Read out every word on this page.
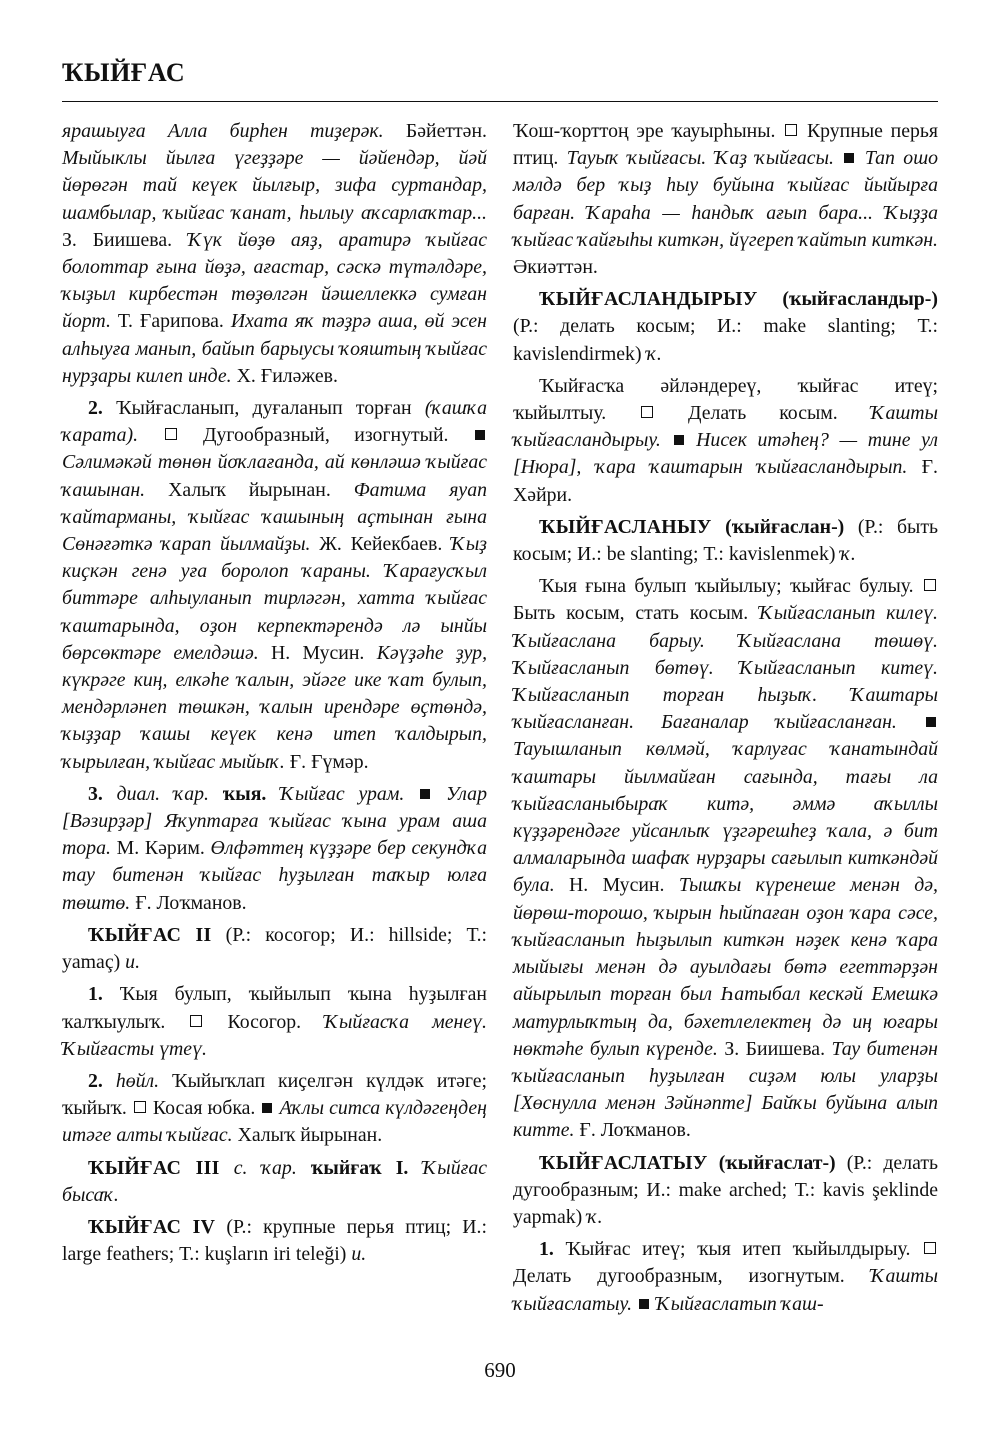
ҠЫЙҒАС

ярашыуға Алла бирһен тиҙерәк. Бәйеттән. Мыйыклы йылға үгеҙҙәре — йәйендәр, йәй йөрөгән тай кеүек йылғыр, зифа суртандар, шамбылар, ҡыйғас ҡанат, һылыу аҡсарлаҡтар... З. Биишева. Ҡүк йөҙө аяҙ, аратирә ҡыйғас болоттар ғына йөҙә, ағастар, сәскә түтәлдәре, ҡыҙыл кирбестән төҙөлгән йәшеллеккә сумған йорт. Т. Ғарипова. Ихата яҡ тәҙрә аша, өй эсен алһыуға манып, байып барыусы ҡояштың ҡыйғас нурҙары килеп инде. Х. Ғиләжев.

2. Ҡыйғасланып, дуғаланып торған (ҡашҡа ҡарата).	Дугообразный, изогнутый.  Сәлимәкәй төнөн йоҡлағанда, ай көнләшә ҡыйғас ҡашынан. Халыҡ йырынан. Фатима яуап ҡайтарманы, ҡыйғас ҡашының аҫтынан ғына Сөнәғәткә ҡарап йылмайҙы. Ж. Кейекбаев. Ҡыҙ киҫкән генә уға боролоп ҡараны. Ҡарағусҡыл биттәре алһыуланып тирләгән, хатта ҡыйғас ҡаштарында, оҙон керпектәрендә лә ынйы бөрсөктәре емелдәшә. Н. Мусин. Кәүҙәһе ҙур, күкрәге киң, елкәһе ҡалын, эйәге ике ҡат булып, мендәрләнеп төшкән, ҡалын ирендәре өҫтөндә, ҡыҙҙар ҡашы кеүек кенә итеп ҡалдырып, ҡырылған, ҡыйғас мыйыҡ. Ғ. Ғүмәр.

3. диал. ҡар. ҡыя. Ҡыйғас урам. Улар [Вәзирҙәр] Яҡуптарға ҡыйғас ҡына урам аша тора. М. Кәрим. Өлфәттең күҙҙәре бер секундҡа тау битенән ҡыйғас һуҙылған таҡыр юлға төштө. Ғ. Лоҡманов.

ҠЫЙҒАС II (Р.: косогор; И.: hillside; Т.: yamaç) и.

1. Ҡыя булып, ҡыйылып ҡына һуҙылған ҡалҡыулыҡ.	Косогор. Ҡыйғасҡа менеү. Ҡыйғасты үтеү.

2. һөйл. Ҡыйыҡлап киҫелгән күлдәк итәге; ҡыйыҡ. Косая юбка. Аҡлы ситса күлдәгеңдең итәге алты ҡыйғас. Халыҡ йырынан.

ҠЫЙҒАС III с. ҡар. ҡыйғаҡ I. Ҡыйғас бысаҡ.

ҠЫЙҒАС IV (Р.: крупные перья птиц; И.: large feathers; Т.: kuşların iri teleği) и.

Ҡош-ҡорттоң эре ҡауырһыны. Крупные перья птиц. Тауыҡ ҡыйғасы. Ҡаҙ ҡыйғасы. Тап ошо мәлдә бер ҡыҙ һыу буйына ҡыйғас йыйырға барған. Ҡараһа — һандыҡ ағып бара... Ҡыҙҙа ҡыйғас ҡайғыһы киткән, йүгереп ҡайтып киткән. Әкиәттән.

ҠЫЙҒАСЛАНДЫРЫУ (ҡыйғасландыр-) (Р.: делать косым; И.: make slanting; Т.: kavislendirmek) ҡ.

Ҡыйғасҡа әйләндереү, ҡыйғас итеү; ҡыйылтыу.	Делать косым. Ҡашты ҡыйғасландырыу. Нисек итәһең? — тине ул [Нюра], ҡара ҡаштарын ҡыйғасландырып. Ғ. Хәйри.

ҠЫЙҒАСЛАНЫУ (ҡыйғаслан-) (Р.: быть косым; И.: be slanting; Т.: kavislenmek) ҡ.

Ҡыя ғына булып ҡыйылыу; ҡыйғас булыу.  Быть косым, стать косым. Ҡыйғасланып килеү. Ҡыйғаслана барыу. Ҡыйғаслана төшөү. Ҡыйғасланып бөтөү. Ҡыйғасланып китеү. Ҡыйғасланып торған һыҙыҡ. Ҡаштары ҡыйғасланған. Бағаналар ҡыйғасланған.  Тауышланып көлмәй, ҡарлуғас ҡанатындай ҡаштары йылмайған сағында, тағы ла ҡыйғасланыбыраҡ китә, әммә аҡыллы күҙҙәрендәге уйсанлыҡ үҙгәрешһеҙ ҡала, ә бит алмаларында шафаҡ нурҙары сағылып киткәндәй була. Н. Мусин. Тышҡы күренеше менән дә, йөрөш-торошо, ҡырын һыйпаған оҙон ҡара сәсе, ҡыйғасланып һыҙылып киткән нәҙек кенә ҡара мыйығы менән дә ауылдағы бөтә егеттәрҙән айырылып торған был Һатыбал кескәй Емешкә матурлыҡтың да, бәхетлелектең дә иң юғары нөктәһе булып күренде. З. Биишева. Тау битенән ҡыйғасланып һуҙылған сиҙәм юлы уларҙы [Хөснулла менән Зәйнәпте] Байҡы буйына алып китте. Ғ. Лоҡманов.

ҠЫЙҒАСЛАТЫУ (ҡыйғаслат-) (Р.: делать дугообразным; И.: make arched; Т.: kavis şeklinde yapmak) ҡ.

1. Ҡыйғас итеү; ҡыя итеп ҡыйылдырыу.  Делать дугообразным, изогнутым. Ҡашты ҡыйғаслатыу. Ҡыйғаслатып ҡаш-

690
